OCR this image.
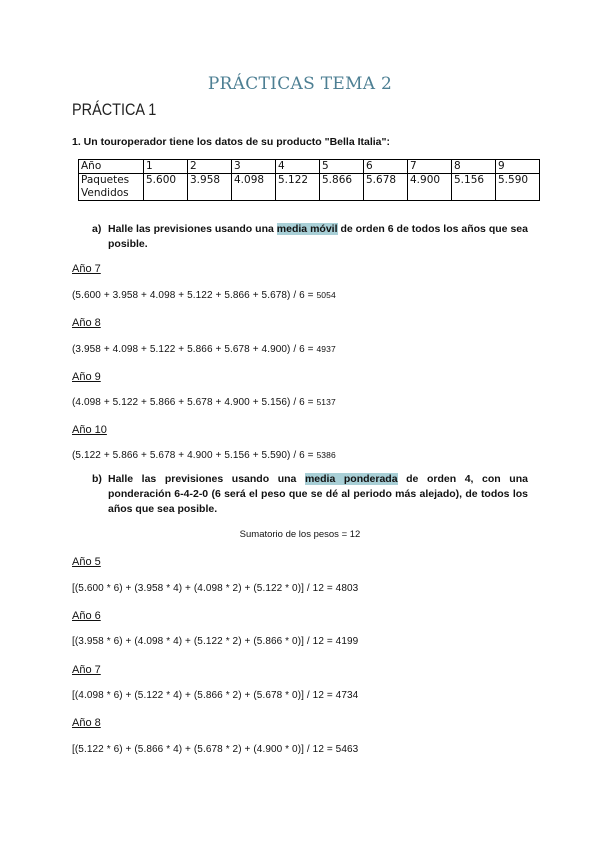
PRÁCTICAS TEMA 2
PRÁCTICA 1
1. Un touroperador tiene los datos de su producto "Bella Italia":
Año	1	2	3	4	5	6	7	8	9
Paquetes
Vendidos	5.600	3.958	4.098	5.122	5.866	5.678	4.900	5.156	5.590
a) Halle las previsiones usando una media móvil de orden 6 de todos los años que sea posible.
Año 7
(5.600 + 3.958 + 4.098 + 5.122 + 5.866 + 5.678) / 6 = 5054
Año 8
(3.958 + 4.098 + 5.122 + 5.866 + 5.678 + 4.900) / 6 = 4937
Año 9
(4.098 + 5.122 + 5.866 + 5.678 + 4.900 + 5.156) / 6 = 5137
Año 10
(5.122 + 5.866 + 5.678 + 4.900 + 5.156 + 5.590) / 6 = 5386
b) Halle las previsiones usando una media ponderada de orden 4, con una ponderación 6-4-2-0 (6 será el peso que se dé al periodo más alejado), de todos los años que sea posible.
Sumatorio de los pesos = 12
Año 5
[(5.600 * 6) + (3.958 * 4) + (4.098 * 2) + (5.122 * 0)] / 12 = 4803
Año 6
[(3.958 * 6) + (4.098 * 4) + (5.122 * 2) + (5.866 * 0)] / 12 = 4199
Año 7
[(4.098 * 6) + (5.122 * 4) + (5.866 * 2) + (5.678 * 0)] / 12 = 4734
Año 8
[(5.122 * 6) + (5.866 * 4) + (5.678 * 2) + (4.900 * 0)] / 12 = 5463
